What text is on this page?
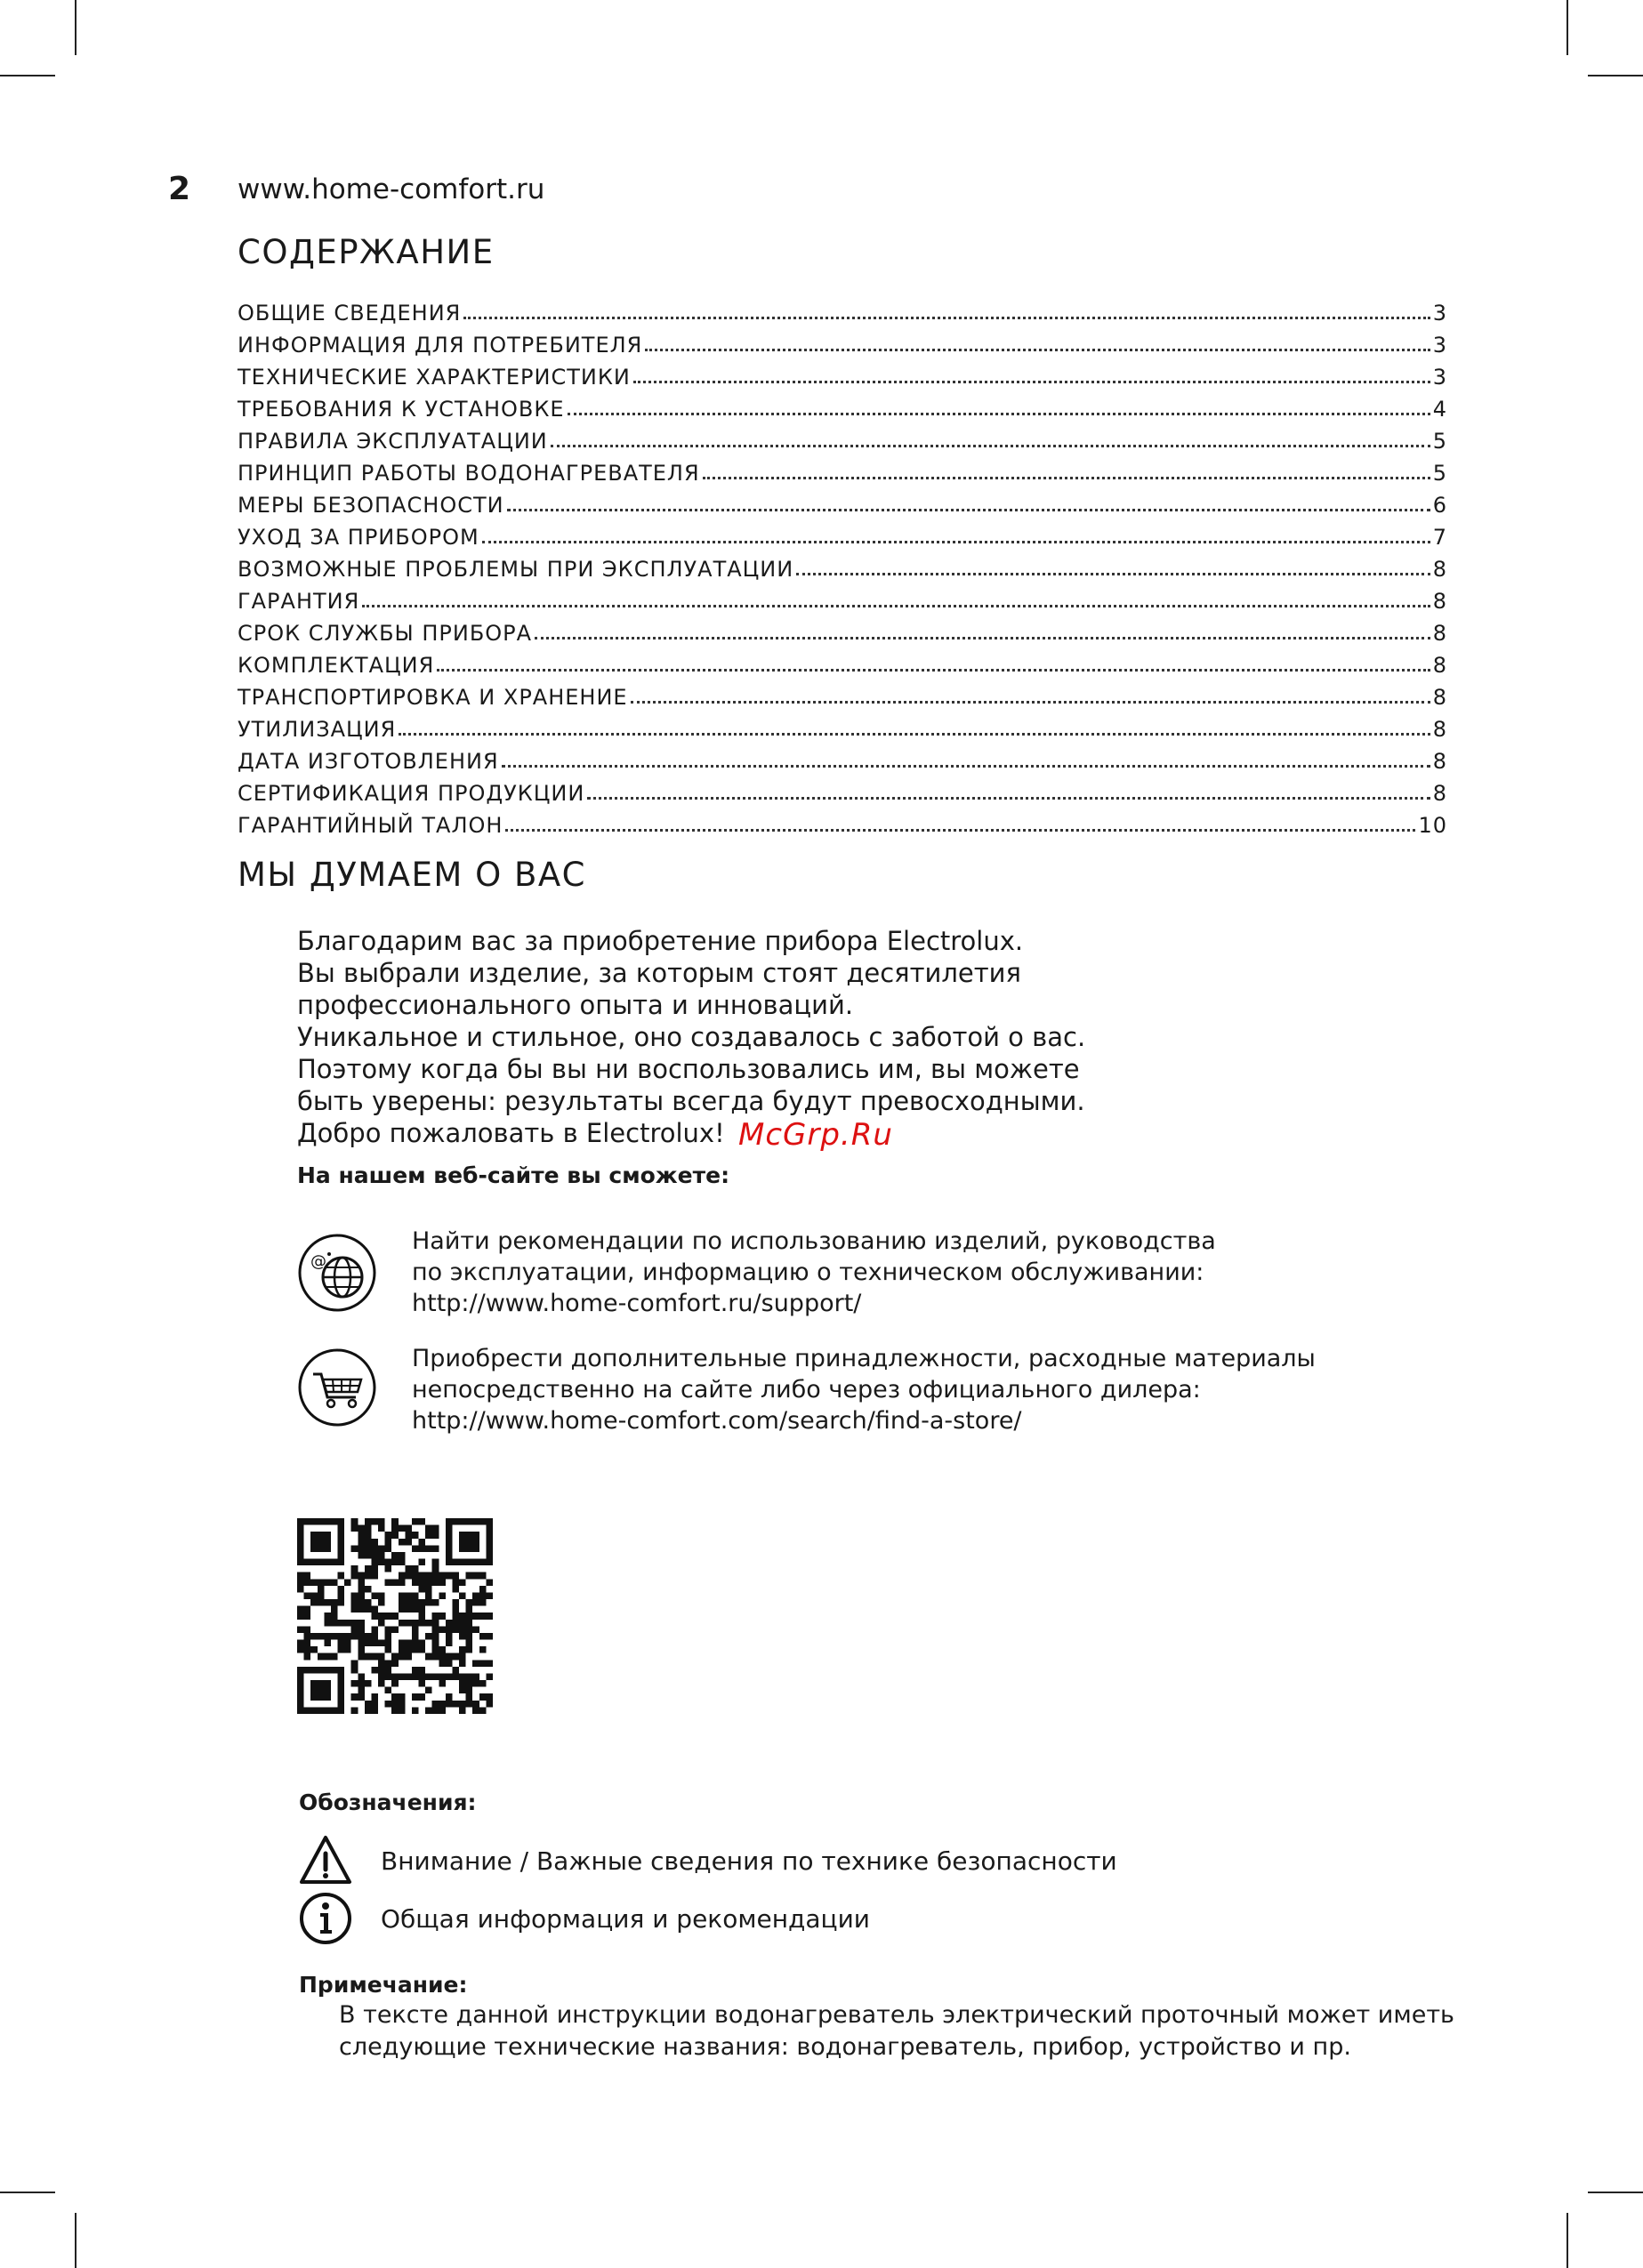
2 www.home-comfort.ru
СОДЕРЖАНИЕ
ОБЩИЕ СВЕДЕНИЯ	3
ИНФОРМАЦИЯ ДЛЯ ПОТРЕБИТЕЛЯ	3
ТЕХНИЧЕСКИЕ ХАРАКТЕРИСТИКИ	3
ТРЕБОВАНИЯ К УСТАНОВКЕ	4
ПРАВИЛА ЭКСПЛУАТАЦИИ	5
ПРИНЦИП РАБОТЫ ВОДОНАГРЕВАТЕЛЯ	5
МЕРЫ БЕЗОПАСНОСТИ	6
УХОД ЗА ПРИБОРОМ	7
ВОЗМОЖНЫЕ ПРОБЛЕМЫ ПРИ ЭКСПЛУАТАЦИИ	8
ГАРАНТИЯ	8
СРОК СЛУЖБЫ ПРИБОРА	8
КОМПЛЕКТАЦИЯ	8
ТРАНСПОРТИРОВКА И ХРАНЕНИЕ	8
УТИЛИЗАЦИЯ	8
ДАТА ИЗГОТОВЛЕНИЯ	8
СЕРТИФИКАЦИЯ ПРОДУКЦИИ	8
ГАРАНТИЙНЫЙ ТАЛОН	10
МЫ ДУМАЕМ О ВАС
Благодарим вас за приобретение прибора Electrolux.
Вы выбрали изделие, за которым стоят десятилетия
профессионального опыта и инноваций.
Уникальное и стильное, оно создавалось с заботой о вас.
Поэтому когда бы вы ни воспользовались им, вы можете
быть уверены: результаты всегда будут превосходными.
Добро пожаловать в Electrolux! McGrp.Ru
На нашем веб-сайте вы сможете:
@
Найти рекомендации по использованию изделий, руководства
по эксплуатации, информацию о техническом обслуживании:
http://www.home-comfort.ru/support/
Приобрести дополнительные принадлежности, расходные материалы
непосредственно на сайте либо через официального дилера:
http://www.home-comfort.com/search/find-a-store/
Обозначения:
Внимание / Важные сведения по технике безопасности
Общая информация и рекомендации
Примечание:
В тексте данной инструкции водонагреватель электрический проточный может иметь
следующие технические названия: водонагреватель, прибор, устройство и пр.
